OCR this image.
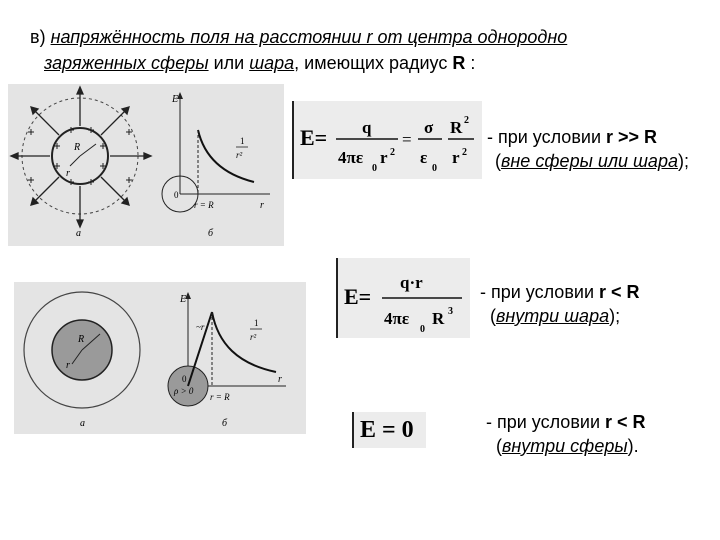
в) напряжённость поля на расстоянии r от центра однородно
заряженных сферы или шара, имеющих радиус R :
R
r
a
E
r
0
r = R
1
r²
б
E= q
4πε
0
r 2
=
σ
ε
0
R 2
r 2
- при условии r >> R
(вне сферы или шара);
R
r
a
E
r
0
ρ > 0
~r
r = R
1
r²
б
E=
q·r
4πε
0
R 3
- при условии r < R
(внутри шара);
E = 0	- при условии r < R
(внутри сферы).
